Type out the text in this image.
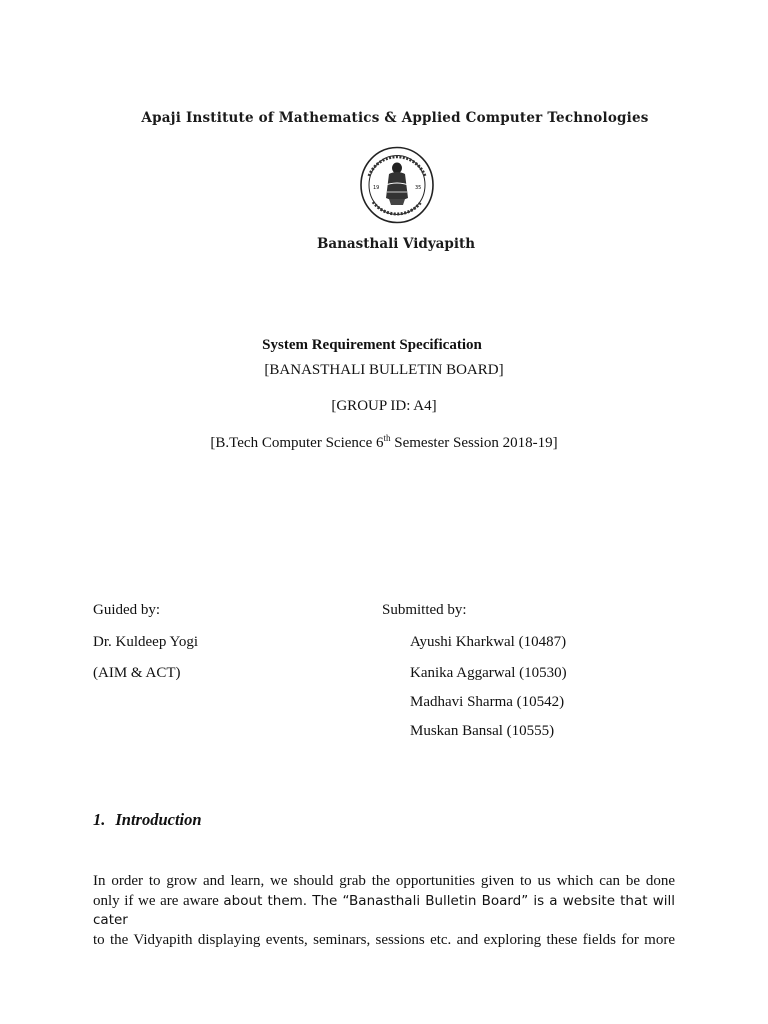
Apaji Institute of Mathematics & Applied Computer Technologies
19	35
Banasthali Vidyapith
System Requirement Specification
[BANASTHALI BULLETIN BOARD]
[GROUP ID: A4]
[B.Tech Computer Science 6th Semester Session 2018-19]
Guided by:
Dr. Kuldeep Yogi
(AIM & ACT)
Submitted by:
Ayushi Kharkwal (10487)
Kanika Aggarwal (10530)
Madhavi Sharma (10542)
Muskan Bansal (10555)
1. Introduction
In order to grow and learn, we should grab the opportunities given to us which can be done
only if we are aware about them. The “Banasthali Bulletin Board” is a website that will cater
to the Vidyapith displaying events, seminars, sessions etc. and exploring these fields for more
